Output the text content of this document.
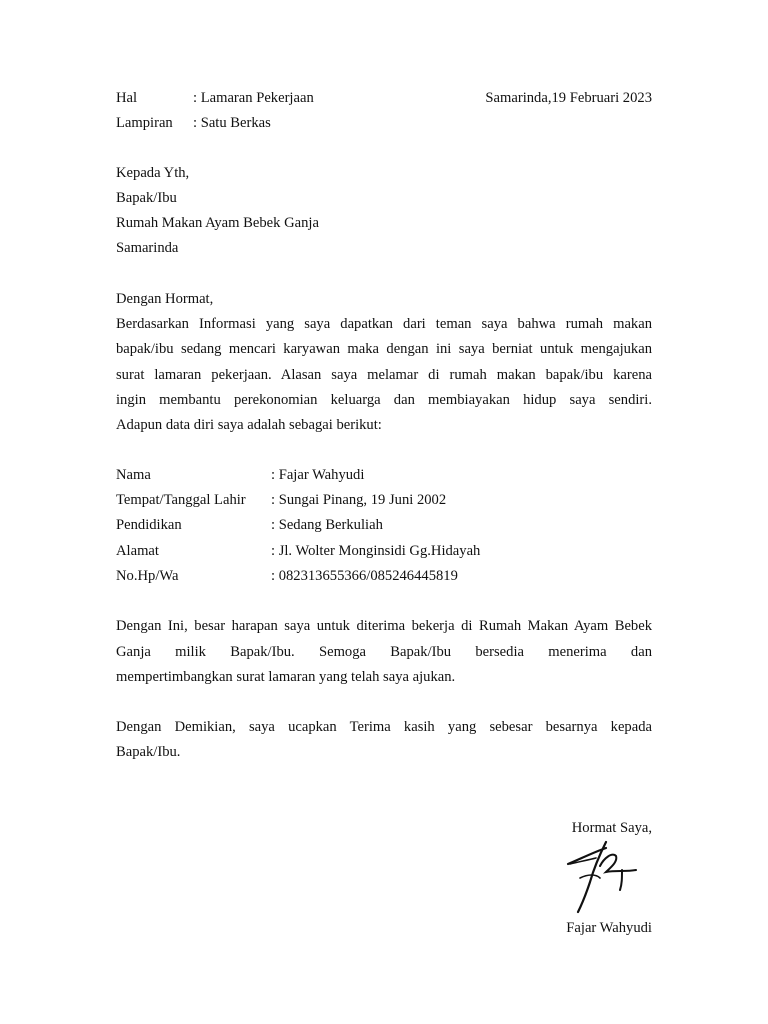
Hal	: Lamaran Pekerjaan	Samarinda,19 Februari 2023
Lampiran : Satu Berkas
Kepada Yth,
Bapak/Ibu
Rumah Makan Ayam Bebek Ganja
Samarinda
Dengan Hormat,
Berdasarkan Informasi yang saya dapatkan dari teman saya bahwa rumah makan
bapak/ibu sedang mencari karyawan maka dengan ini saya berniat untuk mengajukan
surat lamaran pekerjaan. Alasan saya melamar di rumah makan bapak/ibu karena
ingin membantu perekonomian keluarga dan membiayakan hidup saya sendiri.
Adapun data diri saya adalah sebagai berikut:
Nama	: Fajar Wahyudi
Tempat/Tanggal Lahir : Sungai Pinang, 19 Juni 2002
Pendidikan	: Sedang Berkuliah
Alamat	: Jl. Wolter Monginsidi Gg.Hidayah
No.Hp/Wa	: 082313655366/085246445819
Dengan Ini, besar harapan saya untuk diterima bekerja di Rumah Makan Ayam Bebek
Ganja milik Bapak/Ibu. Semoga Bapak/Ibu bersedia menerima dan
mempertimbangkan surat lamaran yang telah saya ajukan.
Dengan Demikian, saya ucapkan Terima kasih yang sebesar besarnya kepada
Bapak/Ibu.
Hormat Saya,
Fajar Wahyudi
